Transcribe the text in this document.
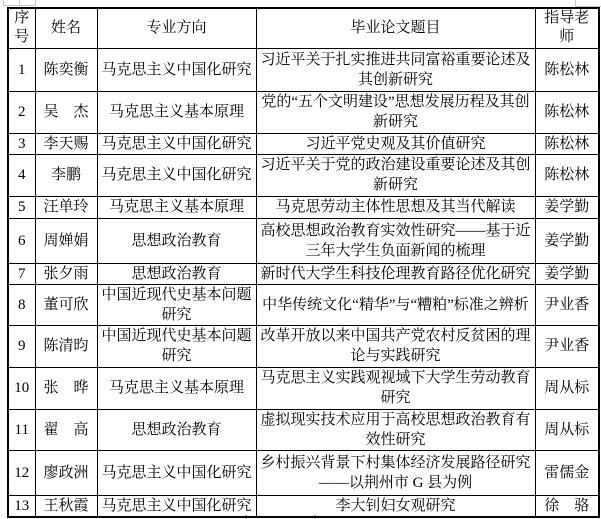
序号	姓名	专业方向	毕业论文题目	指导老师
1	陈奕衡	马克思主义中国化研究	习近平关于扎实推进共同富裕重要论述及其创新研究	陈松林
2	吴　杰	马克思主义基本原理	党的“五个文明建设”思想发展历程及其创新研究	陈松林
3	李天赐	马克思主义中国化研究	习近平党史观及其价值研究	陈松林
4	李鹏	马克思主义中国化研究	习近平关于党的政治建设重要论述及其创新研究	陈松林
5	汪单玲	马克思主义基本原理	马克思劳动主体性思想及其当代解读	姜学勤
6	周婵娟	思想政治教育	高校思想政治教育实效性研究——基于近三年大学生负面新闻的梳理	姜学勤
7	张夕雨	思想政治教育	新时代大学生科技伦理教育路径优化研究	姜学勤
8	董可欣	中国近现代史基本问题研究	中华传统文化“精华”与“糟粕”标准之辨析	尹业香
9	陈清昀	中国近现代史基本问题研究	改革开放以来中国共产党农村反贫困的理论与实践研究	尹业香
10	张　晔	马克思主义基本原理	马克思主义实践观视域下大学生劳动教育研究	周从标
11	翟　高	思想政治教育	虚拟现实技术应用于高校思想政治教育有效性研究	周从标
12	廖政洲	马克思主义中国化研究	乡村振兴背景下村集体经济发展路径研究——以荆州市 G 县为例	雷儒金
13	王秋霞	马克思主义中国化研究	李大钊妇女观研究	徐　骆
